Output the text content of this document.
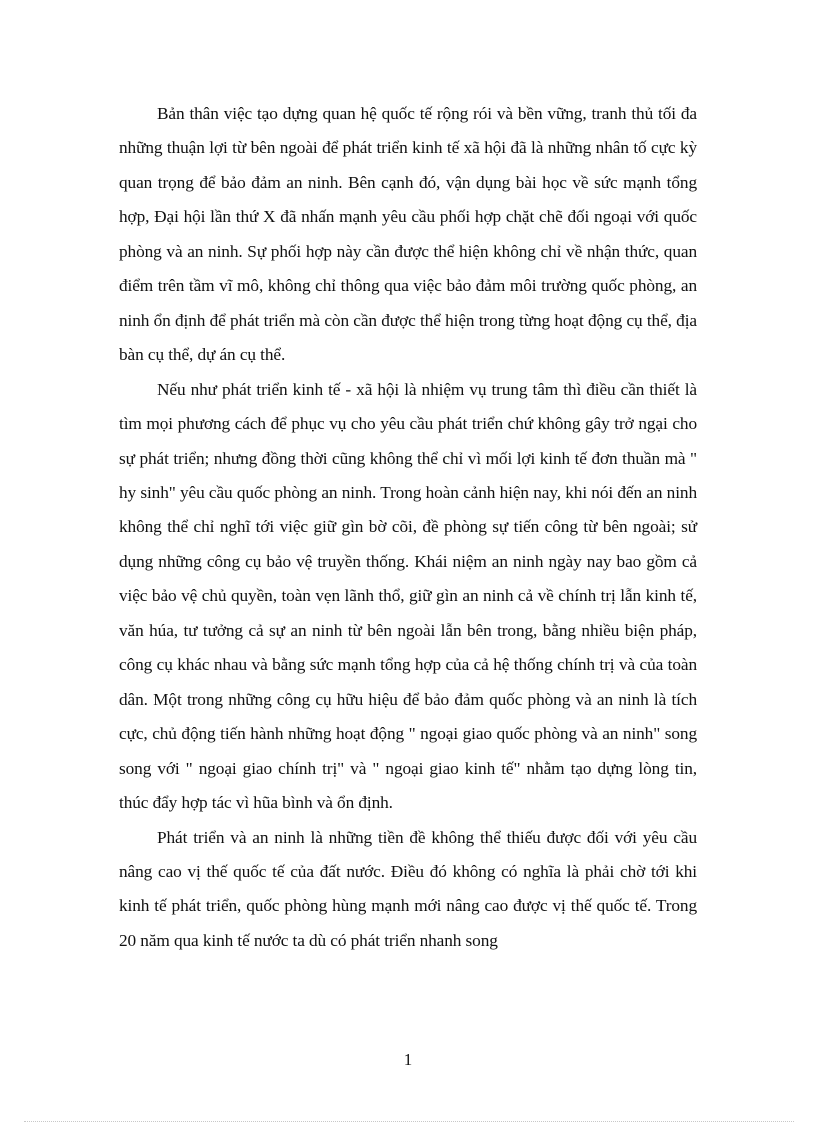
Bản thân việc tạo dựng quan hệ quốc tế rộng rói và bền vững, tranh thủ tối đa những thuận lợi từ bên ngoài để phát triển kinh tế xã hội đã là những nhân tố cực kỳ quan trọng để bảo đảm an ninh. Bên cạnh đó, vận dụng bài học về sức mạnh tổng hợp, Đại hội lần thứ X đã nhấn mạnh yêu cầu phối hợp chặt chẽ đối ngoại với quốc phòng và an ninh. Sự phối hợp này cần được thể hiện không chỉ về nhận thức, quan điểm trên tầm vĩ mô, không chỉ thông qua việc bảo đảm môi trường quốc phòng, an ninh ổn định để phát triển mà còn cần được thể hiện trong từng hoạt động cụ thể, địa bàn cụ thể, dự án cụ thể.

Nếu như phát triển kinh tế - xã hội là nhiệm vụ trung tâm thì điều cần thiết là tìm mọi phương cách để phục vụ cho yêu cầu phát triển chứ không gây trở ngại cho sự phát triển; nhưng đồng thời cũng không thể chỉ vì mối lợi kinh tế đơn thuần mà " hy sinh" yêu cầu quốc phòng an ninh. Trong hoàn cảnh hiện nay, khi nói đến an ninh không thể chỉ nghĩ tới việc giữ gìn bờ cõi, đề phòng sự tiến công từ bên ngoài; sử dụng những công cụ bảo vệ truyền thống. Khái niệm an ninh ngày nay bao gồm cả việc bảo vệ chủ quyền, toàn vẹn lãnh thổ, giữ gìn an ninh cả về chính trị lẫn kinh tế, văn húa, tư tưởng cả sự an ninh từ bên ngoài lẫn bên trong, bằng nhiều biện pháp, công cụ khác nhau và bằng sức mạnh tổng hợp của cả hệ thống chính trị và của toàn dân. Một trong những công cụ hữu hiệu để bảo đảm quốc phòng và an ninh là tích cực, chủ động tiến hành những hoạt động " ngoại giao quốc phòng và an ninh" song song với " ngoại giao chính trị" và " ngoại giao kinh tế" nhằm tạo dựng lòng tin, thúc đẩy hợp tác vì hũa bình và ổn định.

Phát triển và an ninh là những tiền đề không thể thiếu được đối với yêu cầu nâng cao vị thế quốc tế của đất nước. Điều đó không có nghĩa là phải chờ tới khi kinh tế phát triển, quốc phòng hùng mạnh mới nâng cao được vị thế quốc tế. Trong 20 năm qua kinh tế nước ta dù có phát triển nhanh song

1
